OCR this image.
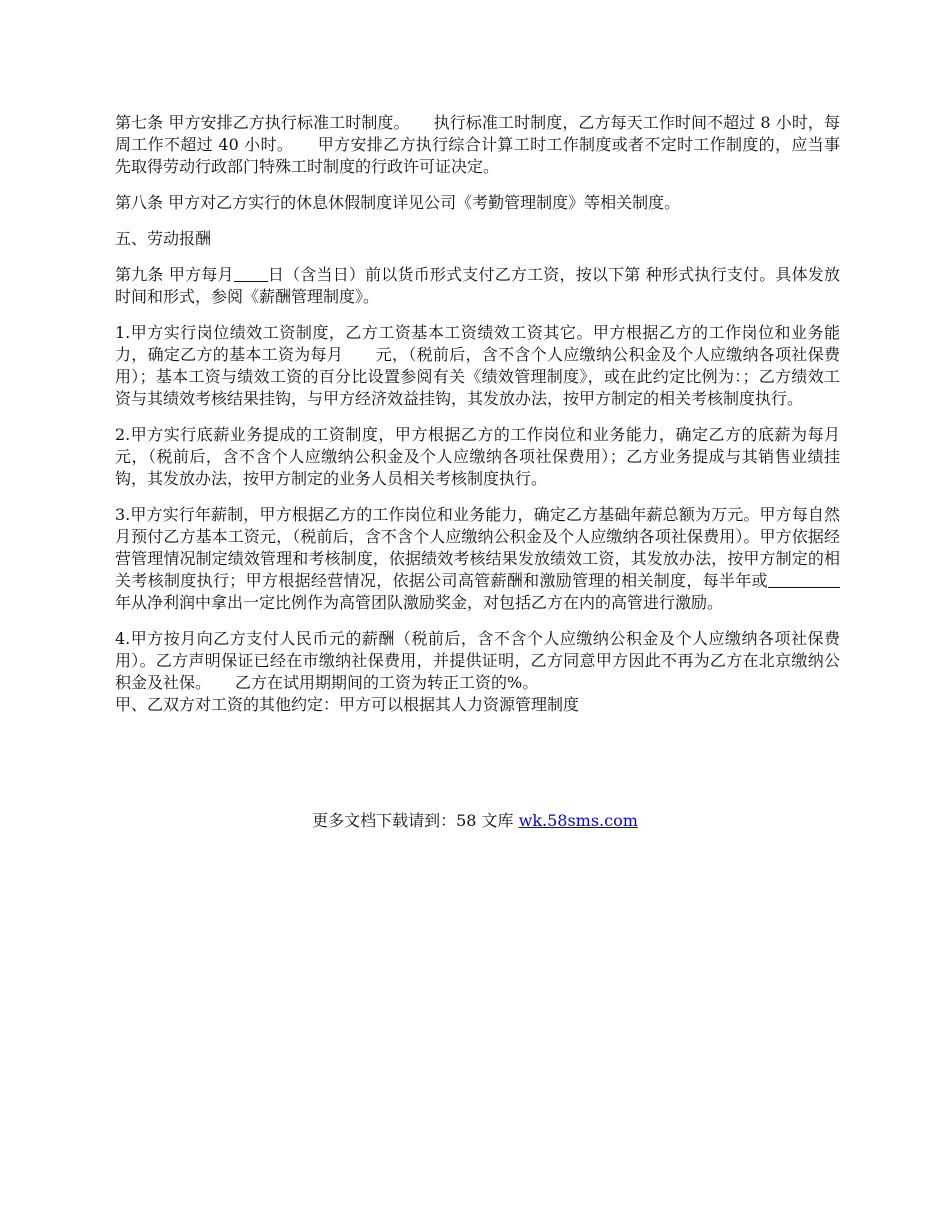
第七条 甲方安排乙方执行标准工时制度。　　执行标准工时制度，乙方每天工作时间不超过 8 小时，每周工作不超过 40 小时。　　甲方安排乙方执行综合计算工时工作制度或者不定时工作制度的，应当事先取得劳动行政部门特殊工时制度的行政许可证决定。

第八条 甲方对乙方实行的休息休假制度详见公司《考勤管理制度》等相关制度。

五、劳动报酬

第九条 甲方每月 日（含当日）前以货币形式支付乙方工资，按以下第 种形式执行支付。具体发放时间和形式，参阅《薪酬管理制度》。

1.甲方实行岗位绩效工资制度，乙方工资基本工资绩效工资其它。甲方根据乙方的工作岗位和业务能力，确定乙方的基本工资为每月　　元，（税前后，含不含个人应缴纳公积金及个人应缴纳各项社保费用）；基本工资与绩效工资的百分比设置参阅有关《绩效管理制度》，或在此约定比例为：；乙方绩效工资与其绩效考核结果挂钩，与甲方经济效益挂钩，其发放办法，按甲方制定的相关考核制度执行。

2.甲方实行底薪业务提成的工资制度，甲方根据乙方的工作岗位和业务能力，确定乙方的底薪为每月元，（税前后，含不含个人应缴纳公积金及个人应缴纳各项社保费用）；乙方业务提成与其销售业绩挂钩，其发放办法，按甲方制定的业务人员相关考核制度执行。

3.甲方实行年薪制，甲方根据乙方的工作岗位和业务能力，确定乙方基础年薪总额为万元。甲方每自然月预付乙方基本工资元，（税前后，含不含个人应缴纳公积金及个人应缴纳各项社保费用）。甲方依据经营管理情况制定绩效管理和考核制度，依据绩效考核结果发放绩效工资，其发放办法，按甲方制定的相关考核制度执行；甲方根据经营情况，依据公司高管薪酬和激励管理的相关制度，每半年或年从净利润中拿出一定比例作为高管团队激励奖金，对包括乙方在内的高管进行激励。

4.甲方按月向乙方支付人民币元的薪酬（税前后，含不含个人应缴纳公积金及个人应缴纳各项社保费用）。乙方声明保证已经在市缴纳社保费用，并提供证明，乙方同意甲方因此不再为乙方在北京缴纳公积金及社保。　　乙方在试用期期间的工资为转正工资的%。

甲、乙双方对工资的其他约定：甲方可以根据其人力资源管理制度

更多文档下载请到：58 文库 wk.58sms.com
